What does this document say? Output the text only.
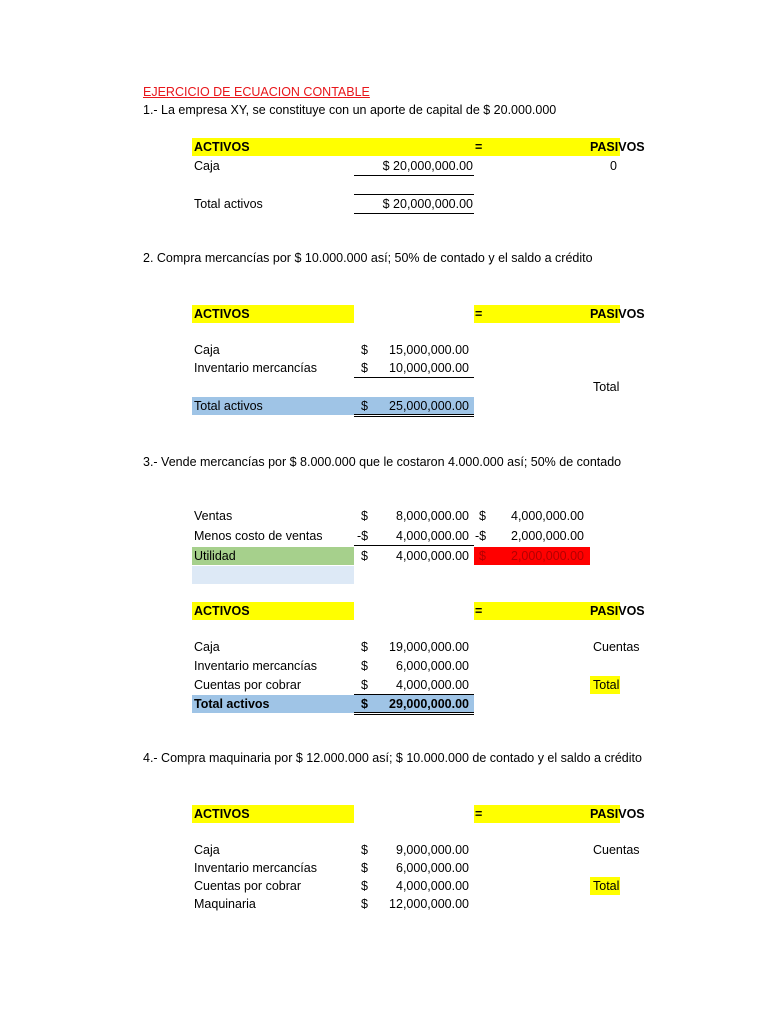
EJERCICIO DE ECUACION CONTABLE
1.- La empresa XY, se constituye con un aporte de capital de $ 20.000.000
ACTIVOS	=	PASIVOS
Caja	$ 20,000,000.00	0
Total activos	$ 20,000,000.00
2. Compra mercancías por $ 10.000.000 así; 50% de contado y el saldo a crédito
ACTIVOS	=	PASIVOS
Caja	$	15,000,000.00
Inventario mercancías	$	10,000,000.00
Total
Total activos	$	25,000,000.00
3.- Vende mercancías por $ 8.000.000 que le costaron 4.000.000 así; 50% de contado
Ventas	$	8,000,000.00 $	4,000,000.00
Menos costo de ventas	-$	4,000,000.00 -$	2,000,000.00
Utilidad	$	4,000,000.00 $	2,000,000.00
ACTIVOS	=	PASIVOS
Caja	$	19,000,000.00	Cuentas
Inventario mercancías	$	6,000,000.00
Cuentas por cobrar	$	4,000,000.00	Total
Total activos	$	29,000,000.00
4.- Compra maquinaria por $ 12.000.000 así; $ 10.000.000 de contado y el saldo a crédito
ACTIVOS	=	PASIVOS
Caja	$	9,000,000.00	Cuentas
Inventario mercancías	$	6,000,000.00
Cuentas por cobrar	$	4,000,000.00	Total
Maquinaria	$	12,000,000.00
